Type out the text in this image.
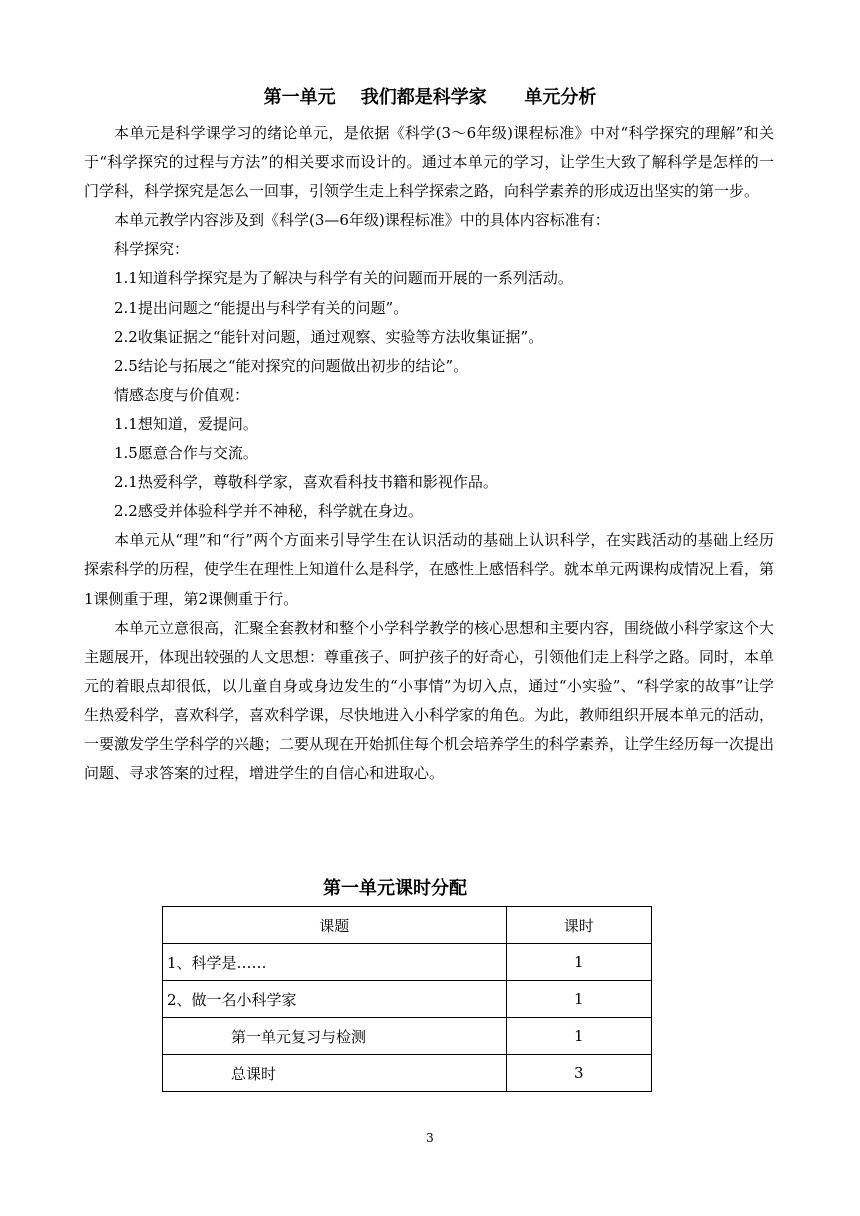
第一单元 我们都是科学家 单元分析

本单元是科学课学习的绪论单元，是依据《科学(3～6年级)课程标准》中对“科学探究的理解”和关于“科学探究的过程与方法”的相关要求而设计的。通过本单元的学习，让学生大致了解科学是怎样的一门学科，科学探究是怎么一回事，引领学生走上科学探索之路，向科学素养的形成迈出坚实的第一步。

本单元教学内容涉及到《科学(3—6年级)课程标准》中的具体内容标准有：

科学探究：

1.1知道科学探究是为了解决与科学有关的问题而开展的一系列活动。

2.1提出问题之“能提出与科学有关的问题”。

2.2收集证据之“能针对问题，通过观察、实验等方法收集证据”。

2.5结论与拓展之“能对探究的问题做出初步的结论”。

情感态度与价值观：

1.1想知道，爱提问。

1.5愿意合作与交流。

2.1热爱科学，尊敬科学家，喜欢看科技书籍和影视作品。

2.2感受并体验科学并不神秘，科学就在身边。

本单元从“理”和“行”两个方面来引导学生在认识活动的基础上认识科学，在实践活动的基础上经历探索科学的历程，使学生在理性上知道什么是科学，在感性上感悟科学。就本单元两课构成情况上看，第1课侧重于理，第2课侧重于行。

本单元立意很高，汇聚全套教材和整个小学科学教学的核心思想和主要内容，围绕做小科学家这个大主题展开，体现出较强的人文思想：尊重孩子、呵护孩子的好奇心，引领他们走上科学之路。同时，本单元的着眼点却很低，以儿童自身或身边发生的“小事情”为切入点，通过“小实验”、“科学家的故事”让学生热爱科学，喜欢科学，喜欢科学课，尽快地进入小科学家的角色。为此，教师组织开展本单元的活动，一要激发学生学科学的兴趣；二要从现在开始抓住每个机会培养学生的科学素养，让学生经历每一次提出问题、寻求答案的过程，增进学生的自信心和进取心。

第一单元课时分配
课题	课时
1、科学是……	1
2、做一名小科学家	1
第一单元复习与检测	1
总课时	3
3
